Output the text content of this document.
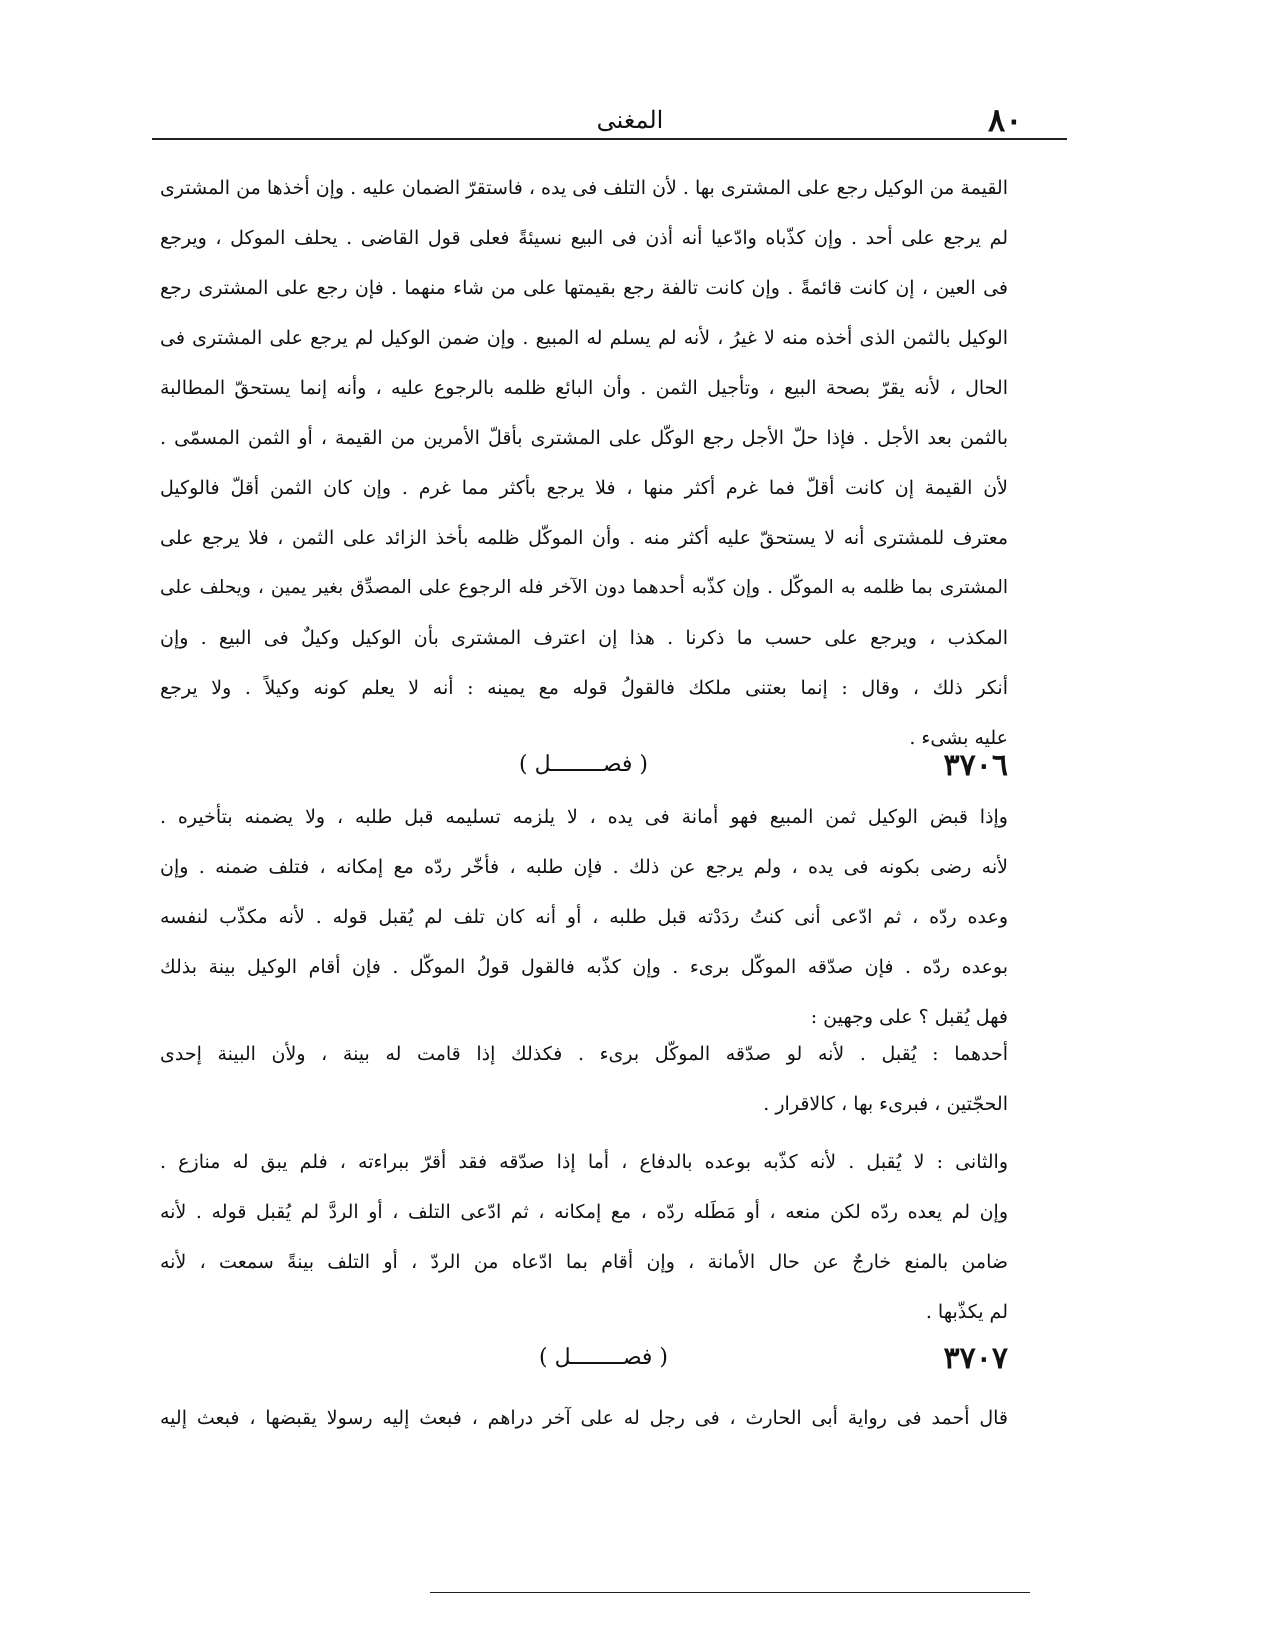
٨٠
المغنى
القيمة من الوكيل رجع على المشترى بها . لأن التلف فى يده ، فاستقرّ الضمان عليه . وإن أخذها من المشترى
لم يرجع على أحد . وإن كذّباه وادّعيا أنه أذن فى البيع نسيئةً فعلى قول القاضى . يحلف الموكل ، ويرجع
فى العين ، إن كانت قائمةً . وإن كانت تالفة رجع بقيمتها على من شاء منهما . فإن رجع على المشترى رجع
الوكيل بالثمن الذى أخذه منه لا غيرُ ، لأنه لم يسلم له المبيع . وإن ضمن الوكيل لم يرجع على المشترى فى
الحال ، لأنه يقرّ بصحة البيع ، وتأجيل الثمن . وأن البائع ظلمه بالرجوع عليه ، وأنه إنما يستحقّ المطالبة
بالثمن بعد الأجل . فإذا حلّ الأجل رجع الوكّل على المشترى بأقلّ الأمرين من القيمة ، أو الثمن المسمّى .
لأن القيمة إن كانت أقلّ فما غرم أكثر منها ، فلا يرجع بأكثر مما غرم . وإن كان الثمن أقلّ فالوكيل
معترف للمشترى أنه لا يستحقّ عليه أكثر منه . وأن الموكّل ظلمه بأخذ الزائد على الثمن ، فلا يرجع على
المشترى بما ظلمه به الموكّل . وإن كذّبه أحدهما دون الآخر فله الرجوع على المصدِّق بغير يمين ، ويحلف على
المكذب ، ويرجع على حسب ما ذكرنا . هذا إن اعترف المشترى بأن الوكيل وكيلٌ فى البيع . وإن
أنكر ذلك ، وقال : إنما بعتنى ملكك فالقولُ قوله مع يمينه : أنه لا يعلم كونه وكيلاً . ولا يرجع
عليه بشىء .
٣٧٠٦
( فصــــــــل )
وإذا قبض الوكيل ثمن المبيع فهو أمانة فى يده ، لا يلزمه تسليمه قبل طلبه ، ولا يضمنه بتأخيره .
لأنه رضى بكونه فى يده ، ولم يرجع عن ذلك . فإن طلبه ، فأخّر ردّه مع إمكانه ، فتلف ضمنه . وإن
وعده ردّه ، ثم ادّعى أنى كنتُ ردَدْته قبل طلبه ، أو أنه كان تلف لم يُقبل قوله . لأنه مكذّب لنفسه
بوعده ردّه . فإن صدّقه الموكّل برىء . وإن كذّبه فالقول قولُ الموكّل . فإن أقام الوكيل بينة بذلك
فهل يُقبل ؟ على وجهين :
أحدهما : يُقبل . لأنه لو صدّقه الموكّل برىء . فكذلك إذا قامت له بينة ، ولأن البينة إحدى
الحجّتين ، فبرىء بها ، كالاقرار .
والثانى : لا يُقبل . لأنه كذّبه بوعده بالدفاع ، أما إذا صدّقه فقد أقرّ ببراءته ، فلم يبق له منازع .
وإن لم يعده ردّه لكن منعه ، أو مَطَله ردّه ، مع إمكانه ، ثم ادّعى التلف ، أو الردَّ لم يُقبل قوله . لأنه
ضامن بالمنع خارجٌ عن حال الأمانة ، وإن أقام بما ادّعاه من الردّ ، أو التلف بينةً سمعت ، لأنه
لم يكذّبها .
٣٧٠٧
( فصــــــــل )
قال أحمد فى رواية أبى الحارث ، فى رجل له على آخر دراهم ، فبعث إليه رسولا يقبضها ، فبعث إليه
